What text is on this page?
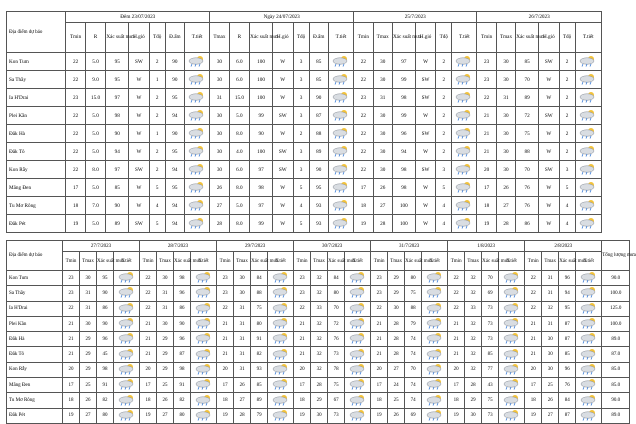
Địa điểm dự báo	Đêm 23/07/2023							Ngày 24/07/2023							25/7/2023						26/7/2023					
	Tmin	R	Xác suất mưa	H.gió	Tđộ	Đ.ẩm	T.tiết	Tmax	R	Xác suất mưa	H.gió	Tđộ	Đ.ẩm	T.tiết	Tmin	Tmax	Xác suất mưa	H.gió	Tđộ	T.tiết	Tmin	Tmax	Xác suất mưa	H.gió	Tđộ	T.tiết
Kon Tum	22	5.0	95	SW	2	90		30	6.0	100	W	3	85		22	30	97	W	2		23	30	85	SW	2	
Sa Thầy	22	9.0	95	W	1	90		30	6.0	100	W	3	85		22	30	99	SW	2		23	30	70	W	2	
Ia H'Drai	23	15.0	97	W	2	95		31	15.0	100	W	3	90		23	31	98	SW	2		22	31	89	W	2	
Plei Kần	22	5.0	98	W	2	94		30	5.0	99	SW	3	87		22	30	99	W	2		21	30	72	SW	2	
Đăk Hà	22	5.0	90	W	1	90		30	8.0	90	W	2	88		22	30	96	SW	2		21	30	75	W	2	
Đăk Tô	22	5.0	94	W	2	95		30	4.0	100	SW	3	89		22	30	94	W	2		21	30	88	W	2	
Kon Rẫy	22	8.0	97	SW	2	94		30	6.0	97	SW	3	90		22	30	98	SW	3		20	30	70	SW	3	
Măng Đen	17	5.0	85	W	5	95		26	8.0	98	W	5	95		17	26	98	W	5		17	26	76	W	5	
Tu Mơ Rông	18	7.0	90	W	4	94		27	5.0	97	W	4	93		18	27	100	W	4		18	27	76	W	4	
Đăk Pét	19	5.0	89	SW	5	94		28	8.0	99	W	5	93		19	28	100	W	4		19	28	86	W	4	
Địa điểm dự báo	27/7/2023				28/7/2023				29/7/2023				30/7/2023				31/7/2023				1/8/2023				2/8/2023				Tổng lượng mưa
	Tmin	Tmax	Xác suất mưa	T.tiết	Tmin	Tmax	Xác suất mưa	T.tiết	Tmin	Tmax	Xác suất mưa	T.tiết	Tmin	Tmax	Xác suất mưa	T.tiết	Tmin	Tmax	Xác suất mưa	T.tiết	Tmin	Tmax	Xác suất mưa	T.tiết	Tmin	Tmax	Xác suất mưa	T.tiết	
Kon Tum	23	30	95		22	30	98		23	30	84		23	32	84		23	29	80		22	32	70		22	31	96		90.0
Sa Thầy	23	31	90		22	31	96		23	30	88		23	32	80		23	29	75		22	32	69		22	31	94		100.0
Ia H'Drai	22	31	86		22	31	86		22	31	75		22	33	70		22	30	88		22	33	73		22	32	95		125.0
Plei Kần	21	30	90		21	30	90		21	31	80		21	32	72		21	28	79		21	32	73		21	31	87		100.0
Đăk Hà	21	29	96		21	29	96		21	31	91		21	32	76		21	28	74		21	32	73		21	30	87		89.0
Đăk Tô	21	29	45		21	29	87		21	31	82		21	32	73		21	28	74		21	32	85		21	30	85		87.0
Kon Rẫy	20	29	98		20	29	98		20	31	93		20	32	78		20	27	70		20	32	77		20	30	96		85.0
Măng Đen	17	25	91		17	25	91		17	26	85		17	28	75		17	24	74		17	28	43		17	25	76		85.0
Tu Mơ Rông	18	26	82		18	26	82		18	27	89		18	29	67		18	25	74		18	29	75		18	26	84		90.0
Đăk Pét	19	27	80		19	27	80		19	28	79		19	30	73		19	26	69		19	30	73		19	27	87		89.0
